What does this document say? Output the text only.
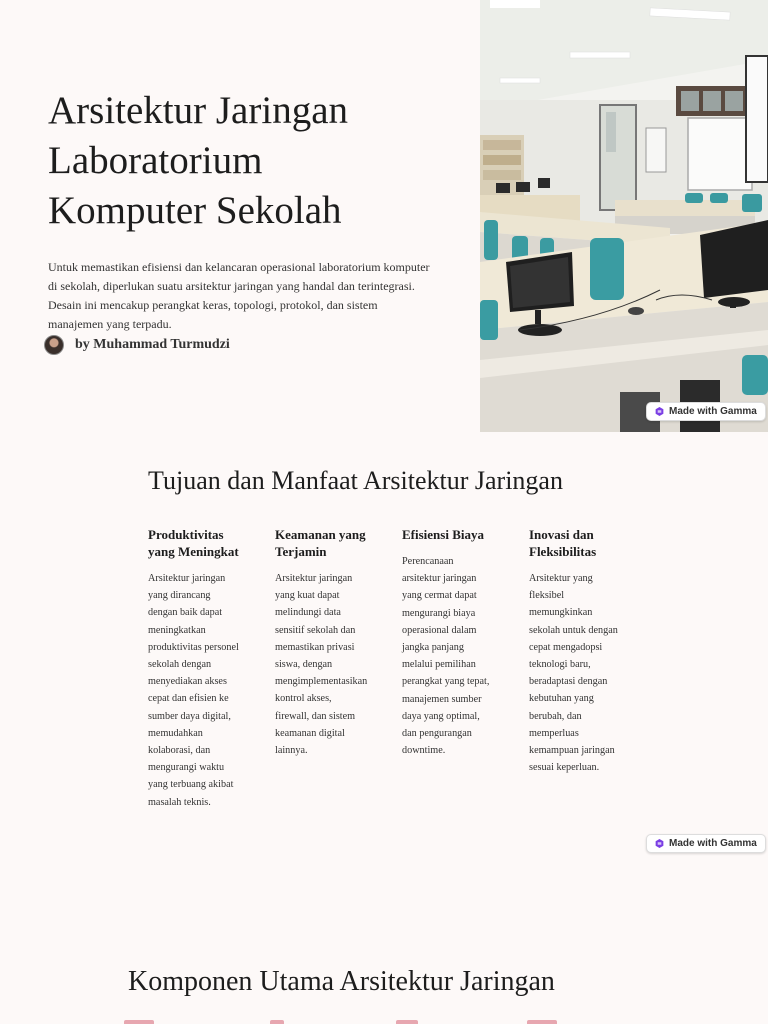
Arsitektur Jaringan
Laboratorium
Komputer Sekolah

Untuk memastikan efisiensi dan kelancaran operasional laboratorium komputer di sekolah, diperlukan suatu arsitektur jaringan yang handal dan terintegrasi. Desain ini mencakup perangkat keras, topologi, protokol, dan sistem manajemen yang terpadu.

by Muhammad Turmudzi
Made with Gamma
Tujuan dan Manfaat Arsitektur Jaringan
Produktivitas yang Meningkat

Arsitektur jaringan yang dirancang dengan baik dapat meningkatkan produktivitas personel sekolah dengan menyediakan akses cepat dan efisien ke sumber daya digital, memudahkan kolaborasi, dan mengurangi waktu yang terbuang akibat masalah teknis.

Keamanan yang Terjamin

Arsitektur jaringan yang kuat dapat melindungi data sensitif sekolah dan memastikan privasi siswa, dengan mengimplementasikan kontrol akses, firewall, dan sistem keamanan digital lainnya.

Efisiensi Biaya

Perencanaan arsitektur jaringan yang cermat dapat mengurangi biaya operasional dalam jangka panjang melalui pemilihan perangkat yang tepat, manajemen sumber daya yang optimal, dan pengurangan downtime.

Inovasi dan Fleksibilitas

Arsitektur yang fleksibel memungkinkan sekolah untuk dengan cepat mengadopsi teknologi baru, beradaptasi dengan kebutuhan yang berubah, dan memperluas kemampuan jaringan sesuai keperluan.

Made with Gamma
Komponen Utama Arsitektur Jaringan
